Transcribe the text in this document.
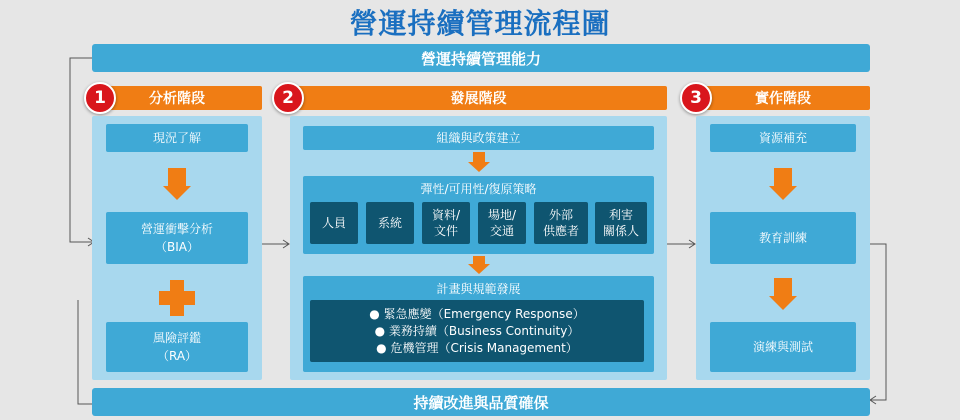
營運持續管理流程圖
營運持續管理能力
分析階段
1	發展階段
2	實作階段
3
現況了解
營運衝擊分析
（BIA）
風險評鑑
（RA）
組織與政策建立
彈性/可用性/復原策略
人員	系統
資料/
文件
場地/
交通
外部
供應者
利害
關係人
計畫與規範發展
● 緊急應變（Emergency Response）
● 業務持續（Business Continuity）
● 危機管理（Crisis Management）
資源補充
教育訓練
演練與測試
持續改進與品質確保
